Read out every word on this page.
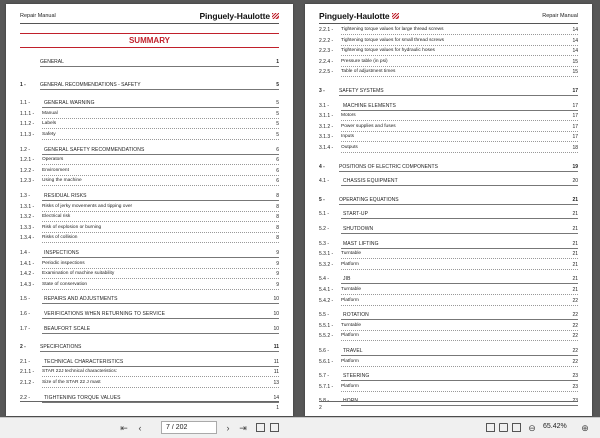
Repair Manual	Pinguely-Haulotte
SUMMARY
GENERAL	1
1 -	GENERAL RECOMMENDATIONS - SAFETY	5
1.1 -	GENERAL WARNING	5
1.1.1 - Manual	5
1.1.2 - Labels	5
1.1.3 - Safety	5
1.2 -	GENERAL SAFETY RECOMMENDATIONS	6
1.2.1 - Operators	6
1.2.2 - Environment	6
1.2.3 - Using the machine	6
1.3 -	RESIDUAL RISKS	8
1.3.1 - Risks of jerky movements and tipping over	8
1.3.2 - Electrical risk	8
1.3.3 - Risk of explosion or burning	8
1.3.4 - Risks of collision	8
1.4 -	INSPECTIONS	9
1.4.1 - Periodic inspections	9
1.4.2 - Examination of machine suitability	9
1.4.3 - State of conservation	9
1.5 -	REPAIRS AND ADJUSTMENTS	10
1.6 -	VERIFICATIONS WHEN RETURNING TO SERVICE	10
1.7 -	BEAUFORT SCALE	10
2 -	SPECIFICATIONS	11
2.1 -	TECHNICAL CHARACTERISTICS	11
2.1.1 - STAR 22J technical characteristics:	11
2.1.2 - Size of the STAR 22 J mast	13
2.2 -	TIGHTENING TORQUE VALUES	14
1
Pinguely-Haulotte	Repair Manual
2.2.1 - Tightening torque values for large thread screws	14
2.2.2 - Tightening torque values for small thread screws	14
2.2.3 - Tightening torque values for hydraulic hoses	14
2.2.4 - Pressure table (in psi)	15
2.2.5 - Table of adjustment times	15
3 -	SAFETY SYSTEMS	17
3.1 -	MACHINE ELEMENTS	17
3.1.1 - Motors	17
3.1.2 - Power supplies and fuses	17
3.1.3 - Inputs	17
3.1.4 - Outputs	18
4 -	POSITIONS OF ELECTRIC COMPONENTS	19
4.1 -	CHASSIS EQUIPMENT	20
5 -	OPERATING EQUATIONS	21
5.1 -	START-UP	21
5.2 -	SHUTDOWN	21
5.3 -	MAST LIFTING	21
5.3.1 - Turntable	21
5.3.2 - Platform	21
5.4 -	JIB	21
5.4.1 - Turntable	21
5.4.2 - Platform	22
5.5 -	ROTATION	22
5.5.1 - Turntable	22
5.5.2 - Platform	22
5.6 -	TRAVEL	22
5.6.1 - Platform	22
5.7 -	STEERING	23
5.7.1 - Platform	23
5.8 -	HORN	23
2
⇤	‹
7 / 202	›	⇥	⊖	65.42% ⊕
